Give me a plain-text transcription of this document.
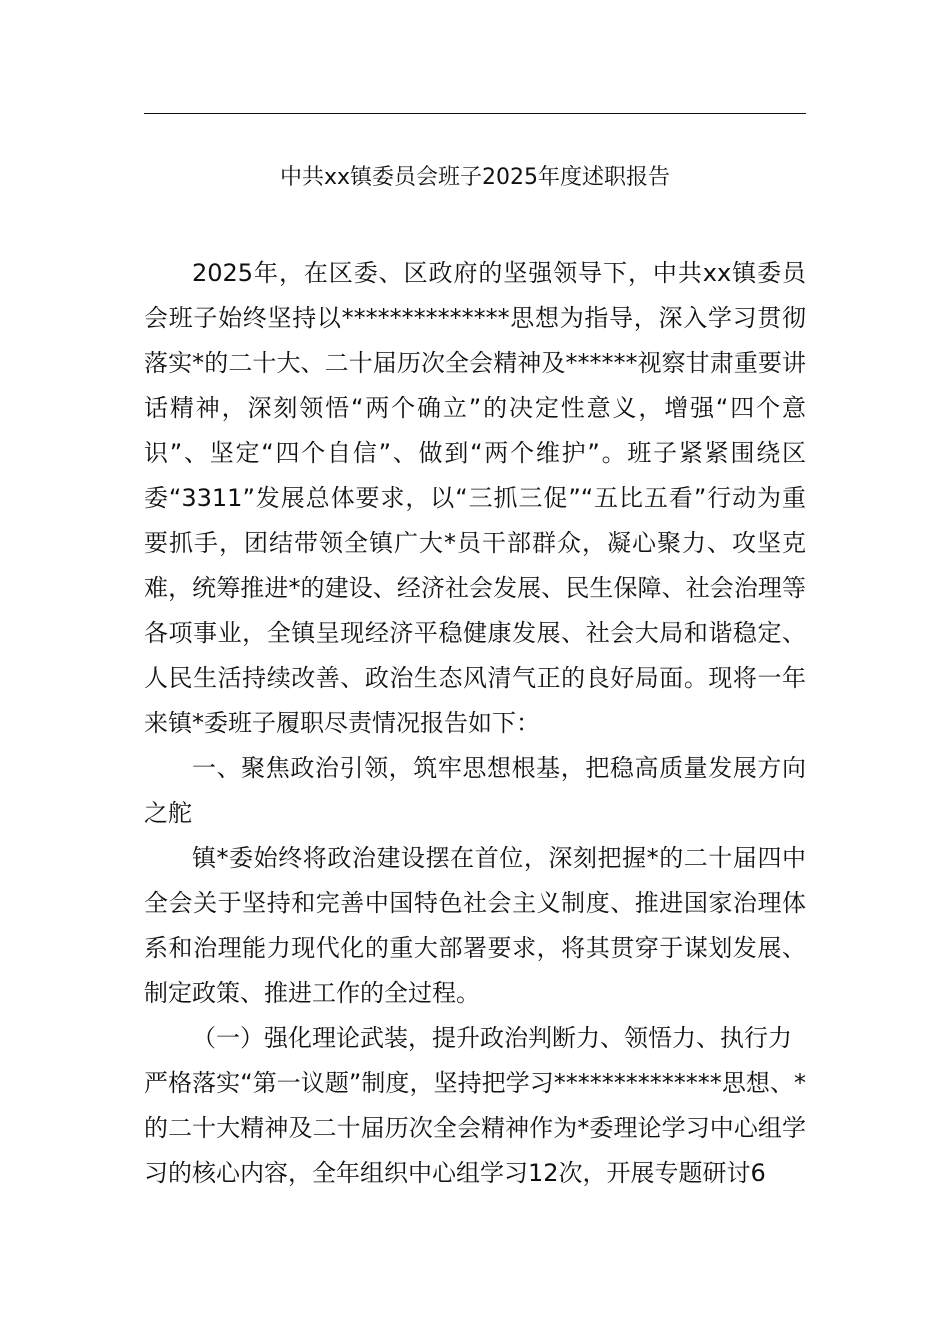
中共xx镇委员会班子2025年度述职报告

2025年，在区委、区政府的坚强领导下，中共xx镇委员会班子始终坚持以**************思想为指导，深入学习贯彻落实*的二十大、二十届历次全会精神及******视察甘肃重要讲话精神，深刻领悟“两个确立”的决定性意义，增强“四个意识”、坚定“四个自信”、做到“两个维护”。班子紧紧围绕区委“3311”发展总体要求，以“三抓三促”“五比五看”行动为重要抓手，团结带领全镇广大*员干部群众，凝心聚力、攻坚克难，统筹推进*的建设、经济社会发展、民生保障、社会治理等各项事业，全镇呈现经济平稳健康发展、社会大局和谐稳定、人民生活持续改善、政治生态风清气正的良好局面。现将一年来镇*委班子履职尽责情况报告如下：

一、聚焦政治引领，筑牢思想根基，把稳高质量发展方向之舵

镇*委始终将政治建设摆在首位，深刻把握*的二十届四中全会关于坚持和完善中国特色社会主义制度、推进国家治理体系和治理能力现代化的重大部署要求，将其贯穿于谋划发展、制定政策、推进工作的全过程。

（一）强化理论武装，提升政治判断力、领悟力、执行力

严格落实“第一议题”制度，坚持把学习**************思想、*的二十大精神及二十届历次全会精神作为*委理论学习中心组学习的核心内容，全年组织中心组学习12次，开展专题研讨6
